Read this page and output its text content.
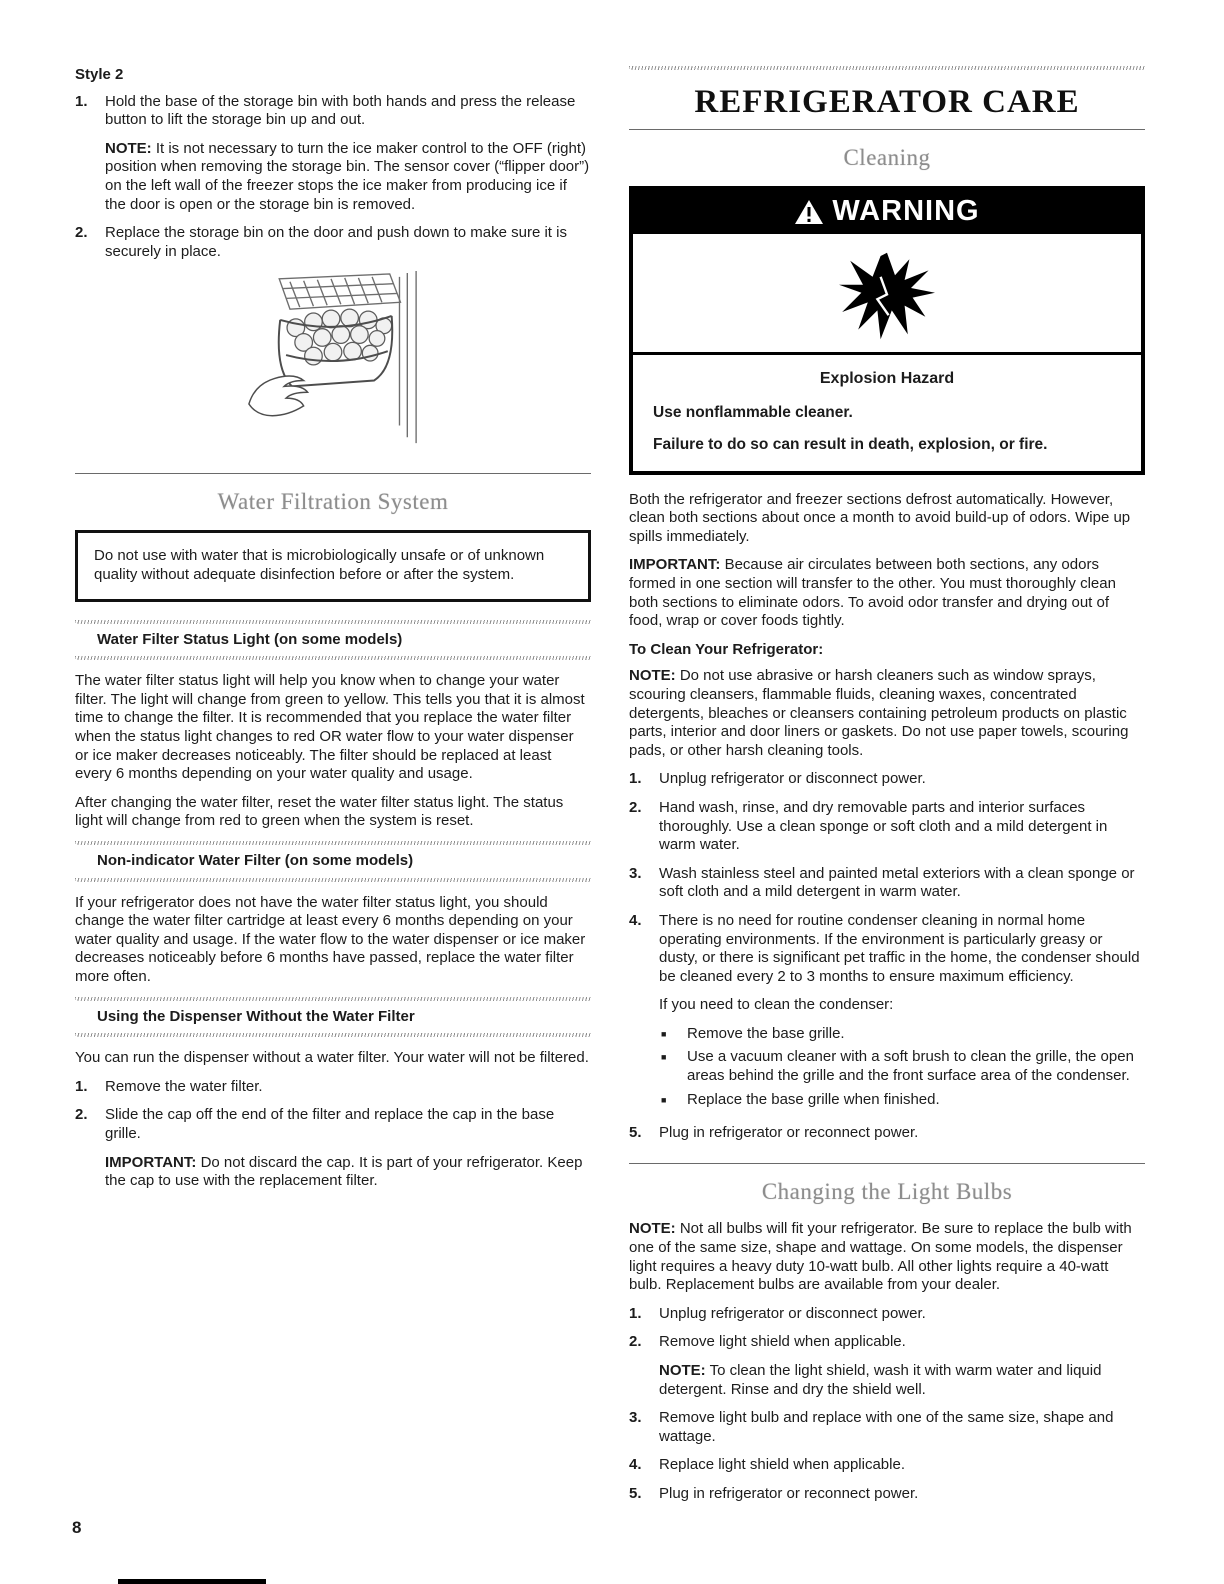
Style 2
1.	Hold the base of the storage bin with both hands and press the release button to lift the storage bin up and out.

NOTE: It is not necessary to turn the ice maker control to the OFF (right) position when removing the storage bin. The sensor cover (“flipper door”) on the left wall of the freezer stops the ice maker from producing ice if the door is open or the storage bin is removed.

2.	Replace the storage bin on the door and push down to make sure it is securely in place.

Water Filtration System

Do not use with water that is microbiologically unsafe or of unknown quality without adequate disinfection before or after the system.

Water Filter Status Light (on some models)

The water filter status light will help you know when to change your water filter. The light will change from green to yellow. This tells you that it is almost time to change the filter. It is recommended that you replace the water filter when the status light changes to red OR water flow to your water dispenser or ice maker decreases noticeably. The filter should be replaced at least every 6 months depending on your water quality and usage.

After changing the water filter, reset the water filter status light. The status light will change from red to green when the system is reset.

Non-indicator Water Filter (on some models)

If your refrigerator does not have the water filter status light, you should change the water filter cartridge at least every 6 months depending on your water quality and usage. If the water flow to the water dispenser or ice maker decreases noticeably before 6 months have passed, replace the water filter more often.

Using the Dispenser Without the Water Filter

You can run the dispenser without a water filter. Your water will not be filtered.

1.	Remove the water filter.

2.	Slide the cap off the end of the filter and replace the cap in the base grille.

IMPORTANT: Do not discard the cap. It is part of your refrigerator. Keep the cap to use with the replacement filter.

REFRIGERATOR CARE
Cleaning
WARNING
Explosion Hazard

Use nonflammable cleaner.

Failure to do so can result in death, explosion, or fire.

Both the refrigerator and freezer sections defrost automatically. However, clean both sections about once a month to avoid build-up of odors. Wipe up spills immediately.

IMPORTANT: Because air circulates between both sections, any odors formed in one section will transfer to the other. You must thoroughly clean both sections to eliminate odors. To avoid odor transfer and drying out of food, wrap or cover foods tightly.

To Clean Your Refrigerator:

NOTE: Do not use abrasive or harsh cleaners such as window sprays, scouring cleansers, flammable fluids, cleaning waxes, concentrated detergents, bleaches or cleansers containing petroleum products on plastic parts, interior and door liners or gaskets. Do not use paper towels, scouring pads, or other harsh cleaning tools.

1.	Unplug refrigerator or disconnect power.

2.	Hand wash, rinse, and dry removable parts and interior surfaces thoroughly. Use a clean sponge or soft cloth and a mild detergent in warm water.

3.	Wash stainless steel and painted metal exteriors with a clean sponge or soft cloth and a mild detergent in warm water.

4.	There is no need for routine condenser cleaning in normal home operating environments. If the environment is particularly greasy or dusty, or there is significant pet traffic in the home, the condenser should be cleaned every 2 to 3 months to ensure maximum efficiency.

If you need to clean the condenser:

■

Remove the base grille.

■

Use a vacuum cleaner with a soft brush to clean the grille, the open areas behind the grille and the front surface area of the condenser.

■

Replace the base grille when finished.

5.	Plug in refrigerator or reconnect power.

Changing the Light Bulbs

NOTE: Not all bulbs will fit your refrigerator. Be sure to replace the bulb with one of the same size, shape and wattage. On some models, the dispenser light requires a heavy duty 10-watt bulb. All other lights require a 40-watt bulb. Replacement bulbs are available from your dealer.

1.	Unplug refrigerator or disconnect power.

2.	Remove light shield when applicable.

NOTE: To clean the light shield, wash it with warm water and liquid detergent. Rinse and dry the shield well.

3.	Remove light bulb and replace with one of the same size, shape and wattage.

4.	Replace light shield when applicable.

5.	Plug in refrigerator or reconnect power.

8
